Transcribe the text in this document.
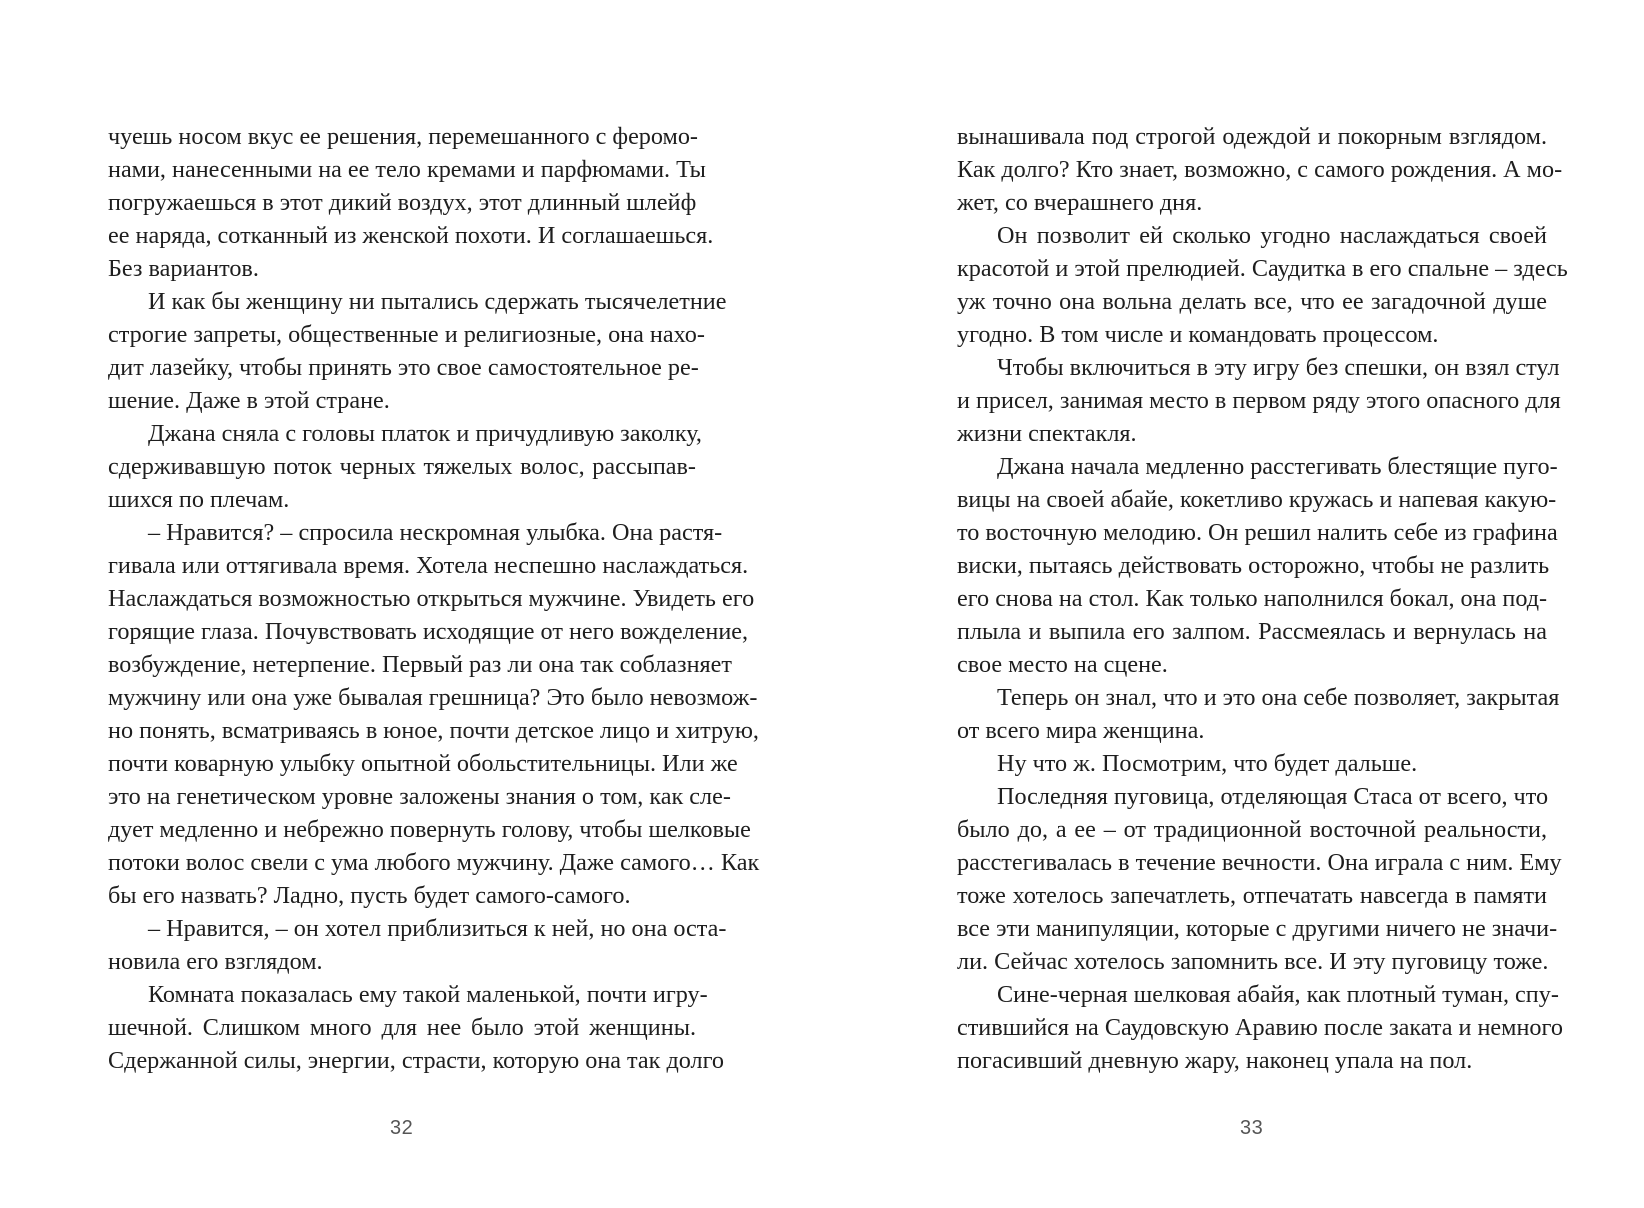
чуешь носом вкус ее решения, перемешанного с феромо-
нами, нанесенными на ее тело кремами и парфюмами. Ты
погружаешься в этот дикий воздух, этот длинный шлейф
ее наряда, сотканный из женской похоти. И соглашаешься.
Без вариантов.
И как бы женщину ни пытались сдержать тысячелетние
строгие запреты, общественные и религиозные, она нахо-
дит лазейку, чтобы принять это свое самостоятельное ре-
шение. Даже в этой стране.
Джана сняла с головы платок и причудливую заколку,
сдерживавшую поток черных тяжелых волос, рассыпав-
шихся по плечам.
– Нравится? – спросила нескромная улыбка. Она растя-
гивала или оттягивала время. Хотела неспешно наслаждаться.
Наслаждаться возможностью открыться мужчине. Увидеть его
горящие глаза. Почувствовать исходящие от него вожделение,
возбуждение, нетерпение. Первый раз ли она так соблазняет
мужчину или она уже бывалая грешница? Это было невозмож-
но понять, всматриваясь в юное, почти детское лицо и хитрую,
почти коварную улыбку опытной обольстительницы. Или же
это на генетическом уровне заложены знания о том, как сле-
дует медленно и небрежно повернуть голову, чтобы шелковые
потоки волос свели с ума любого мужчину. Даже самого… Как
бы его назвать? Ладно, пусть будет самого-самого.
– Нравится, – он хотел приблизиться к ней, но она оста-
новила его взглядом.
Комната показалась ему такой маленькой, почти игру-
шечной. Слишком много для нее было этой женщины.
Сдержанной силы, энергии, страсти, которую она так долго
32
вынашивала под строгой одеждой и покорным взглядом.
Как долго? Кто знает, возможно, с самого рождения. А мо-
жет, со вчерашнего дня.
Он позволит ей сколько угодно наслаждаться своей
красотой и этой прелюдией. Саудитка в его спальне – здесь
уж точно она вольна делать все, что ее загадочной душе
угодно. В том числе и командовать процессом.
Чтобы включиться в эту игру без спешки, он взял стул
и присел, занимая место в первом ряду этого опасного для
жизни спектакля.
Джана начала медленно расстегивать блестящие пуго-
вицы на своей абайе, кокетливо кружась и напевая какую-
то восточную мелодию. Он решил налить себе из графина
виски, пытаясь действовать осторожно, чтобы не разлить
его снова на стол. Как только наполнился бокал, она под-
плыла и выпила его залпом. Рассмеялась и вернулась на
свое место на сцене.
Теперь он знал, что и это она себе позволяет, закрытая
от всего мира женщина.
Ну что ж. Посмотрим, что будет дальше.
Последняя пуговица, отделяющая Стаса от всего, что
было до, а ее – от традиционной восточной реальности,
расстегивалась в течение вечности. Она играла с ним. Ему
тоже хотелось запечатлеть, отпечатать навсегда в памяти
все эти манипуляции, которые с другими ничего не значи-
ли. Сейчас хотелось запомнить все. И эту пуговицу тоже.
Сине-черная шелковая абайя, как плотный туман, спу-
стившийся на Саудовскую Аравию после заката и немного
погасивший дневную жару, наконец упала на пол.
33
